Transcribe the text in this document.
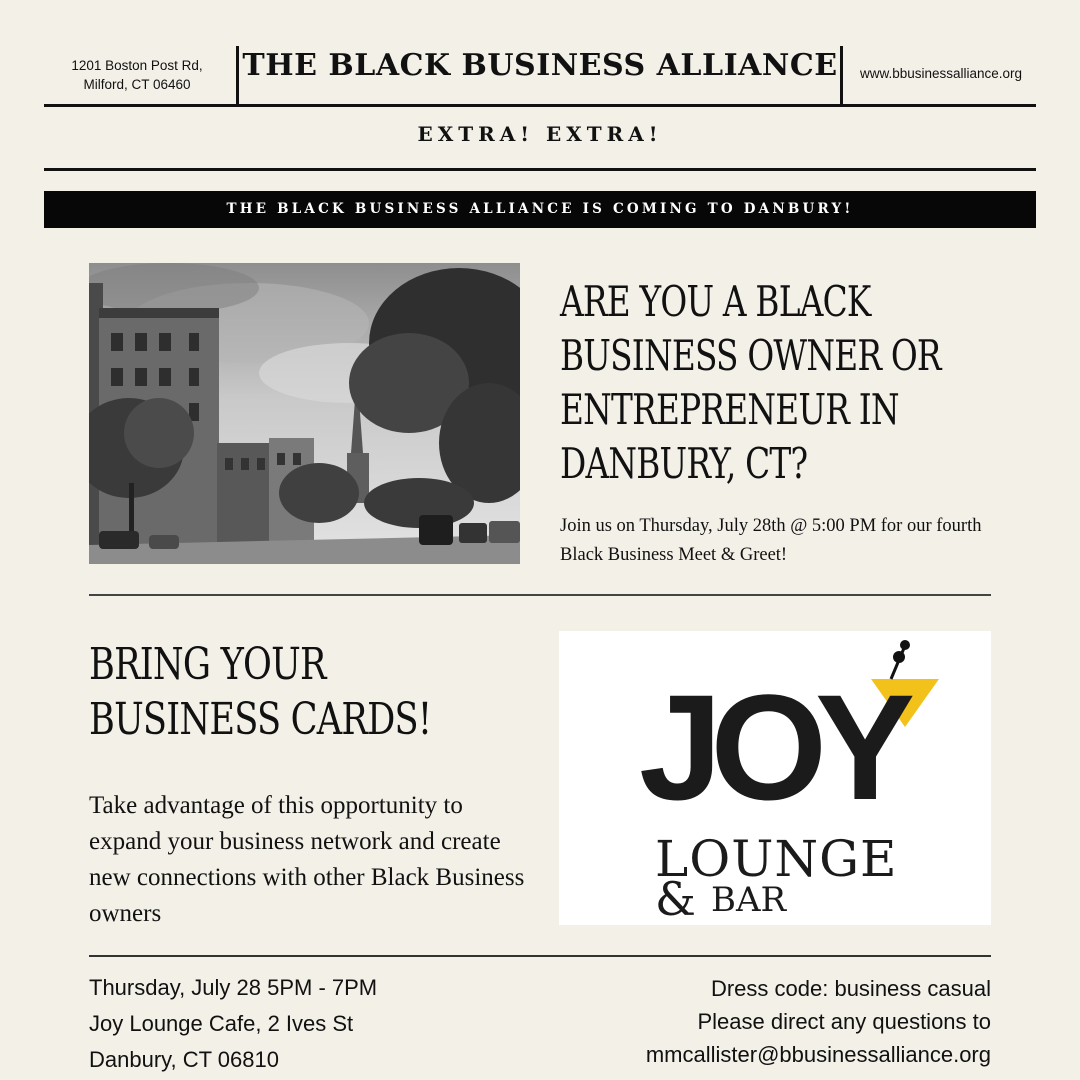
1201 Boston Post Rd,
Milford, CT 06460
THE BLACK BUSINESS ALLIANCE	www.bbusinessalliance.org
EXTRA! EXTRA!
THE BLACK BUSINESS ALLIANCE IS COMING TO DANBURY!
ARE YOU A BLACK
BUSINESS OWNER OR
ENTREPRENEUR IN
DANBURY, CT?
Join us on Thursday, July 28th @ 5:00 PM for our fourth Black Business Meet & Greet!
BRING YOUR
BUSINESS CARDS!
Take advantage of this opportunity to expand your business network and create new connections with other Black Business owners
JOY
LOUNGE
& BAR
Thursday, July 28 5PM - 7PM
Joy Lounge Cafe, 2 Ives St
Danbury, CT 06810
Dress code: business casual
Please direct any questions to
mmcallister@bbusinessalliance.org
